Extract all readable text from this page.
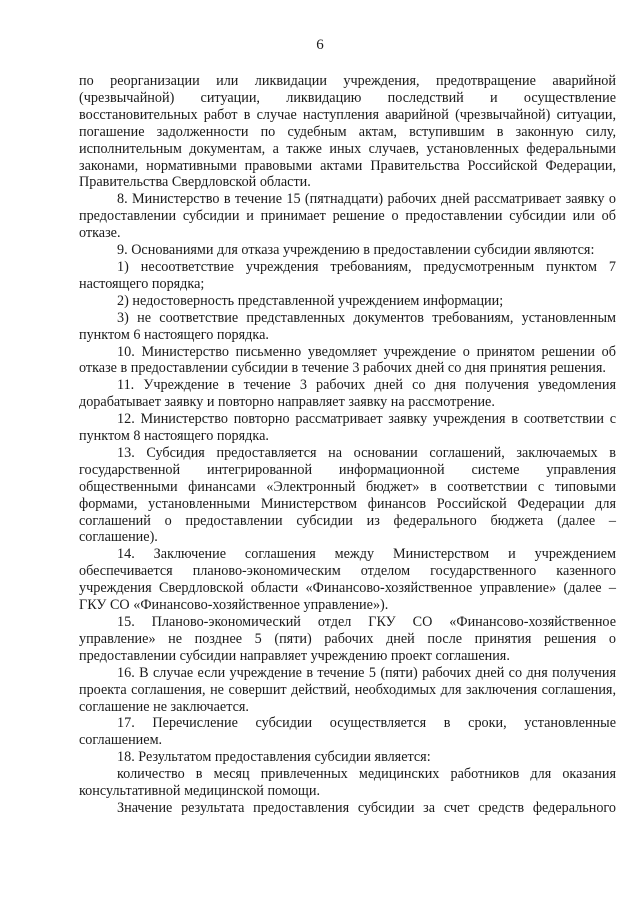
6

по реорганизации или ликвидации учреждения, предотвращение аварийной (чрезвычайной) ситуации, ликвидацию последствий и осуществление восстановительных работ в случае наступления аварийной (чрезвычайной) ситуации, погашение задолженности по судебным актам, вступившим в законную силу, исполнительным документам, а также иных случаев, установленных федеральными законами, нормативными правовыми актами Правительства Российской Федерации, Правительства Свердловской области.

8. Министерство в течение 15 (пятнадцати) рабочих дней рассматривает заявку о предоставлении субсидии и принимает решение о предоставлении субсидии или об отказе.

9. Основаниями для отказа учреждению в предоставлении субсидии являются:

1) несоответствие учреждения требованиям, предусмотренным пунктом 7 настоящего порядка;

2) недостоверность представленной учреждением информации;

3) не соответствие представленных документов требованиям, установленным пунктом 6 настоящего порядка.

10. Министерство письменно уведомляет учреждение о принятом решении об отказе в предоставлении субсидии в течение 3 рабочих дней со дня принятия решения.

11. Учреждение в течение 3 рабочих дней со дня получения уведомления дорабатывает заявку и повторно направляет заявку на рассмотрение.

12. Министерство повторно рассматривает заявку учреждения в соответствии с пунктом 8 настоящего порядка.

13. Субсидия предоставляется на основании соглашений, заключаемых в государственной интегрированной информационной системе управления общественными финансами «Электронный бюджет» в соответствии с типовыми формами, установленными Министерством финансов Российской Федерации для соглашений о предоставлении субсидии из федерального бюджета (далее – соглашение).

14. Заключение соглашения между Министерством и учреждением обеспечивается планово-экономическим отделом государственного казенного учреждения Свердловской области «Финансово-хозяйственное управление» (далее – ГКУ СО «Финансово-хозяйственное управление»).

15. Планово-экономический отдел ГКУ СО «Финансово-хозяйственное управление» не позднее 5 (пяти) рабочих дней после принятия решения о предоставлении субсидии направляет учреждению проект соглашения.

16. В случае если учреждение в течение 5 (пяти) рабочих дней со дня получения проекта соглашения, не совершит действий, необходимых для заключения соглашения, соглашение не заключается.

17. Перечисление субсидии осуществляется в сроки, установленные соглашением.

18. Результатом предоставления субсидии является:

количество в месяц привлеченных медицинских работников для оказания консультативной медицинской помощи.

Значение результата предоставления субсидии за счет средств федерального
